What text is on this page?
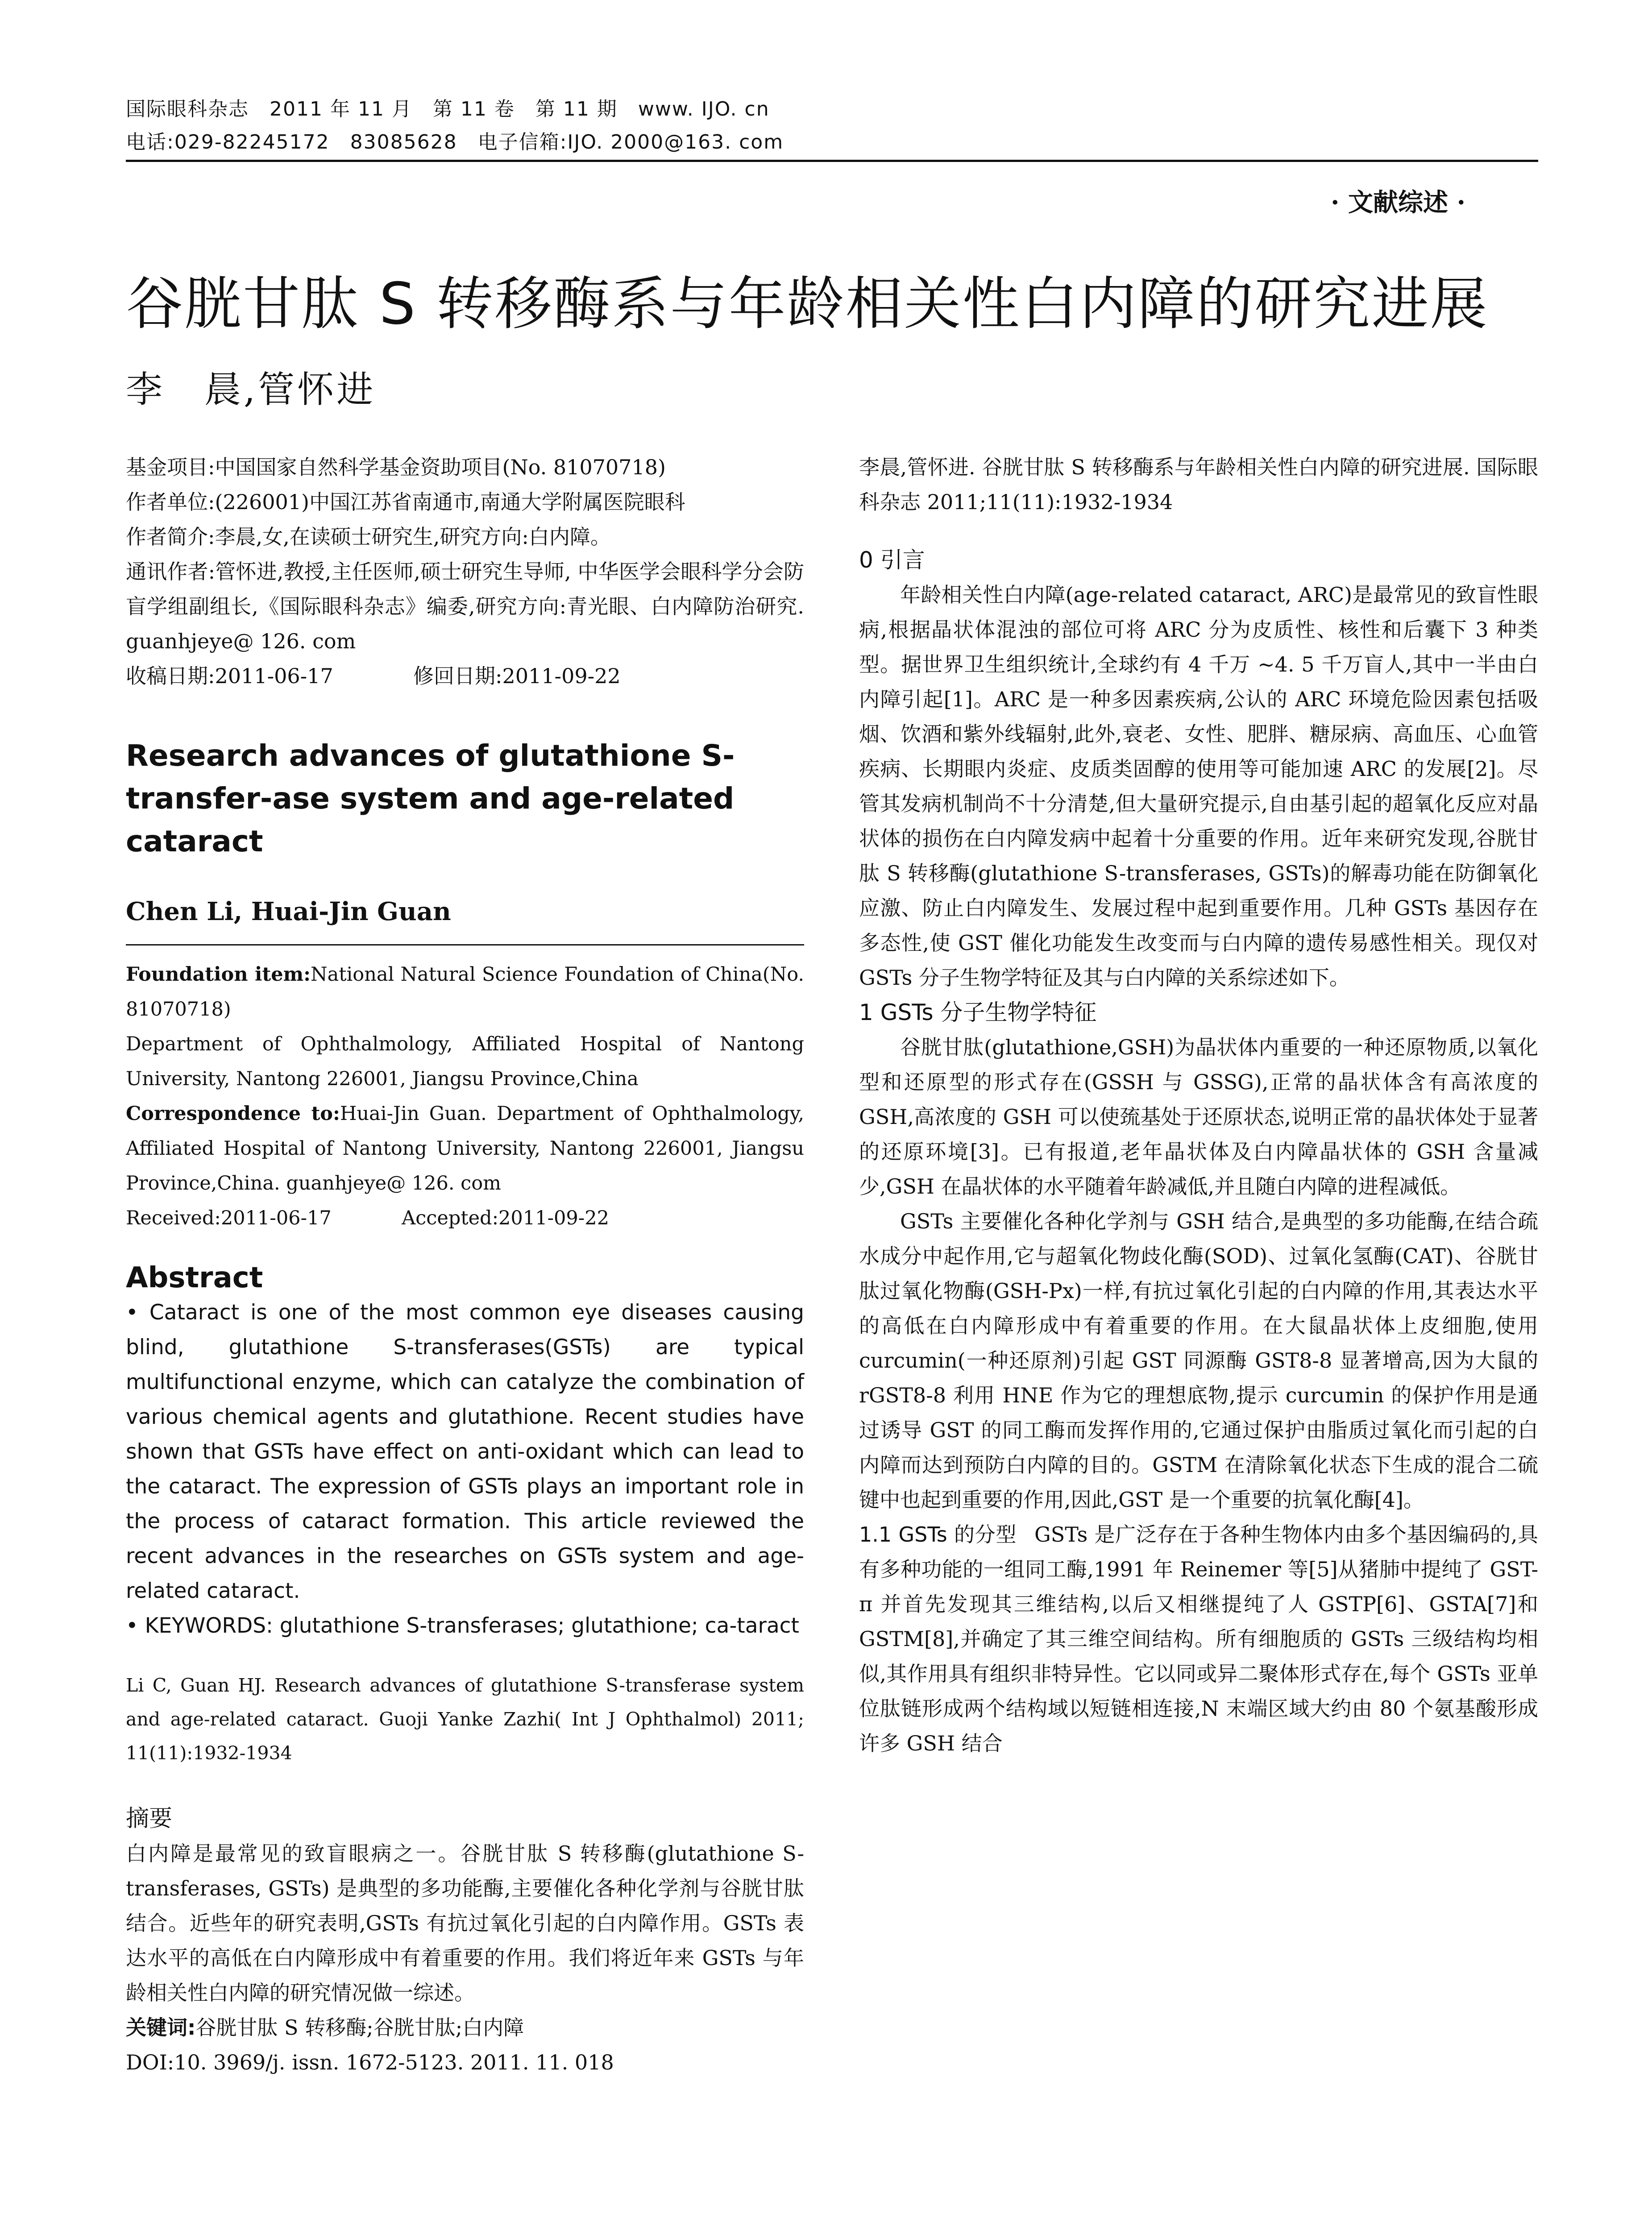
国际眼科杂志　2011 年 11 月　第 11 卷　第 11 期　www. IJO. cn
电话:029-82245172　83085628　电子信箱:IJO. 2000@163. com
· 文献综述 ·
谷胱甘肽 S 转移酶系与年龄相关性白内障的研究进展
李　晨,管怀进

基金项目:中国国家自然科学基金资助项目(No. 81070718)

作者单位:(226001)中国江苏省南通市,南通大学附属医院眼科

作者简介:李晨,女,在读硕士研究生,研究方向:白内障。

通讯作者:管怀进,教授,主任医师,硕士研究生导师, 中华医学会眼科学分会防盲学组副组长,《国际眼科杂志》编委,研究方向:青光眼、白内障防治研究. guanhjeye@ 126. com

收稿日期:2011-06-17	修回日期:2011-09-22

Research advances of glutathione S-transfer-ase system and age-related cataract
Chen Li, Huai-Jin Guan

Foundation item:National Natural Science Foundation of China(No. 81070718)

Department of Ophthalmology, Affiliated Hospital of Nantong University, Nantong 226001, Jiangsu Province,China

Correspondence to:Huai-Jin Guan. Department of Ophthalmology, Affiliated Hospital of Nantong University, Nantong 226001, Jiangsu Province,China. guanhjeye@ 126. com

Received:2011-06-17	Accepted:2011-09-22

Abstract
• Cataract is one of the most common eye diseases causing blind, glutathione S-transferases(GSTs) are typical multifunctional enzyme, which can catalyze the combination of various chemical agents and glutathione. Recent studies have shown that GSTs have effect on anti-oxidant which can lead to the cataract. The expression of GSTs plays an important role in the process of cataract formation. This article reviewed the recent advances in the researches on GSTs system and age-related cataract.
• KEYWORDS: glutathione S-transferases; glutathione; ca-taract
Li C, Guan HJ. Research advances of glutathione S-transferase system and age-related cataract. Guoji Yanke Zazhi( Int J Ophthalmol) 2011; 11(11):1932-1934
摘要

白内障是最常见的致盲眼病之一。谷胱甘肽 S 转移酶(glutathione S-transferases, GSTs) 是典型的多功能酶,主要催化各种化学剂与谷胱甘肽结合。近些年的研究表明,GSTs 有抗过氧化引起的白内障作用。GSTs 表达水平的高低在白内障形成中有着重要的作用。我们将近年来 GSTs 与年龄相关性白内障的研究情况做一综述。

关键词:谷胱甘肽 S 转移酶;谷胱甘肽;白内障

DOI:10. 3969/j. issn. 1672-5123. 2011. 11. 018

李晨,管怀进. 谷胱甘肽 S 转移酶系与年龄相关性白内障的研究进展. 国际眼科杂志 2011;11(11):1932-1934

0 引言

年龄相关性白内障(age-related cataract, ARC)是最常见的致盲性眼病,根据晶状体混浊的部位可将 ARC 分为皮质性、核性和后囊下 3 种类型。据世界卫生组织统计,全球约有 4 千万 ~4. 5 千万盲人,其中一半由白内障引起[1]。ARC 是一种多因素疾病,公认的 ARC 环境危险因素包括吸烟、饮酒和紫外线辐射,此外,衰老、女性、肥胖、糖尿病、高血压、心血管疾病、长期眼内炎症、皮质类固醇的使用等可能加速 ARC 的发展[2]。尽管其发病机制尚不十分清楚,但大量研究提示,自由基引起的超氧化反应对晶状体的损伤在白内障发病中起着十分重要的作用。近年来研究发现,谷胱甘肽 S 转移酶(glutathione S-transferases, GSTs)的解毒功能在防御氧化应激、防止白内障发生、发展过程中起到重要作用。几种 GSTs 基因存在多态性,使 GST 催化功能发生改变而与白内障的遗传易感性相关。现仅对 GSTs 分子生物学特征及其与白内障的关系综述如下。

1 GSTs 分子生物学特征

谷胱甘肽(glutathione,GSH)为晶状体内重要的一种还原物质,以氧化型和还原型的形式存在(GSSH 与 GSSG),正常的晶状体含有高浓度的 GSH,高浓度的 GSH 可以使巯基处于还原状态,说明正常的晶状体处于显著的还原环境[3]。已有报道,老年晶状体及白内障晶状体的 GSH 含量减少,GSH 在晶状体的水平随着年龄减低,并且随白内障的进程减低。

GSTs 主要催化各种化学剂与 GSH 结合,是典型的多功能酶,在结合疏水成分中起作用,它与超氧化物歧化酶(SOD)、过氧化氢酶(CAT)、谷胱甘肽过氧化物酶(GSH-Px)一样,有抗过氧化引起的白内障的作用,其表达水平的高低在白内障形成中有着重要的作用。在大鼠晶状体上皮细胞,使用 curcumin(一种还原剂)引起 GST 同源酶 GST8-8 显著增高,因为大鼠的 rGST8-8 利用 HNE 作为它的理想底物,提示 curcumin 的保护作用是通过诱导 GST 的同工酶而发挥作用的,它通过保护由脂质过氧化而引起的白内障而达到预防白内障的目的。GSTM 在清除氧化状态下生成的混合二硫键中也起到重要的作用,因此,GST 是一个重要的抗氧化酶[4]。

1.1 GSTs 的分型 GSTs 是广泛存在于各种生物体内由多个基因编码的,具有多种功能的一组同工酶,1991 年 Reinemer 等[5]从猪肺中提纯了 GST-π 并首先发现其三维结构,以后又相继提纯了人 GSTP[6]、GSTA[7]和 GSTM[8],并确定了其三维空间结构。所有细胞质的 GSTs 三级结构均相似,其作用具有组织非特异性。它以同或异二聚体形式存在,每个 GSTs 亚单位肽链形成两个结构域以短链相连接,N 末端区域大约由 80 个氨基酸形成许多 GSH 结合
